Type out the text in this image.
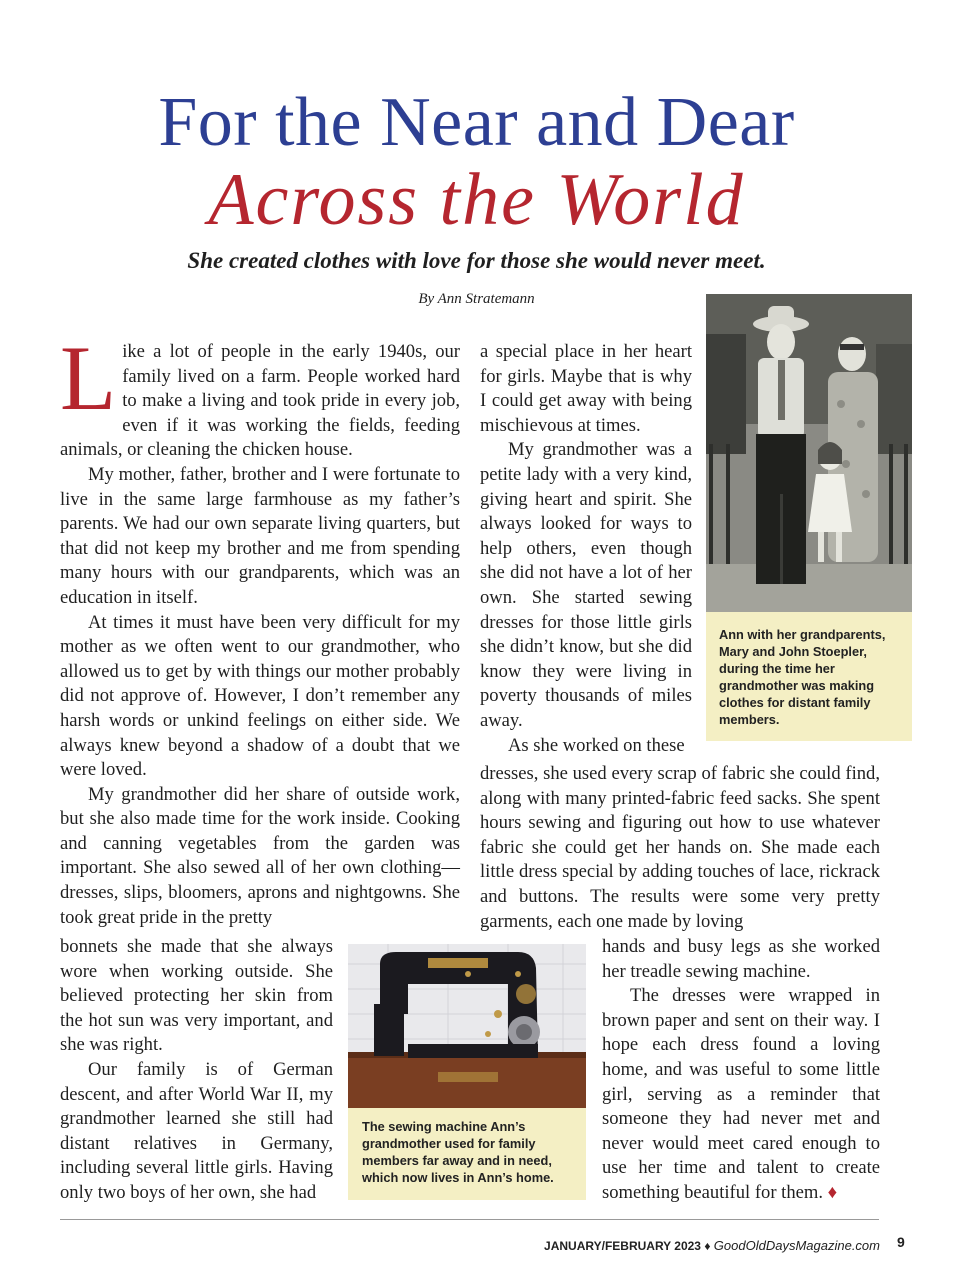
For the Near and Dear
Across the World
She created clothes with love for those she would never meet.
By Ann Stratemann

Like a lot of people in the early 1940s, our family lived on a farm. People worked hard to make a living and took pride in every job, even if it was working the fields, feeding animals, or cleaning the chicken house.

My mother, father, brother and I were fortunate to live in the same large farmhouse as my father’s parents. We had our own separate living quarters, but that did not keep my brother and me from spending many hours with our grandparents, which was an education in itself.

At times it must have been very difficult for my mother as we often went to our grandmother, who allowed us to get by with things our mother probably did not approve of. However, I don’t remember any harsh words or unkind feelings on either side. We always knew beyond a shadow of a doubt that we were loved.

My grandmother did her share of outside work, but she also made time for the work inside. Cooking and canning vegetables from the garden was important. She also sewed all of her own clothing—dresses, slips, bloomers, aprons and nightgowns. She took great pride in the pretty

bonnets she made that she always wore when working outside. She believed protecting her skin from the hot sun was very important, and she was right.

Our family is of German descent, and after World War II, my grandmother learned she still had distant relatives in Germany, including several little girls. Having only two boys of her own, she had

a special place in her heart for girls. Maybe that is why I could get away with being mischievous at times.

My grandmother was a petite lady with a very kind, giving heart and spirit. She always looked for ways to help others, even though she did not have a lot of her own. She started sewing dresses for those little girls she didn’t know, but she did know they were living in poverty thousands of miles away.

As she worked on these

dresses, she used every scrap of fabric she could find, along with many printed-fabric feed sacks. She spent hours sewing and figuring out how to use whatever fabric she could get her hands on. She made each little dress special by adding touches of lace, rickrack and buttons. The results were some very pretty garments, each one made by loving

hands and busy legs as she worked her treadle sewing machine.

The dresses were wrapped in brown paper and sent on their way. I hope each dress found a loving home, and was useful to some little girl, serving as a reminder that someone they had never met and never would meet cared enough to use her time and talent to create something beautiful for them. ♦

Ann with her grandparents, Mary and John Stoepler, during the time her grandmother was making clothes for distant family members.
The sewing machine Ann’s grandmother used for family members far away and in need, which now lives in Ann’s home.
JANUARY/FEBRUARY 2023 ♦ GoodOldDaysMagazine.com 9
